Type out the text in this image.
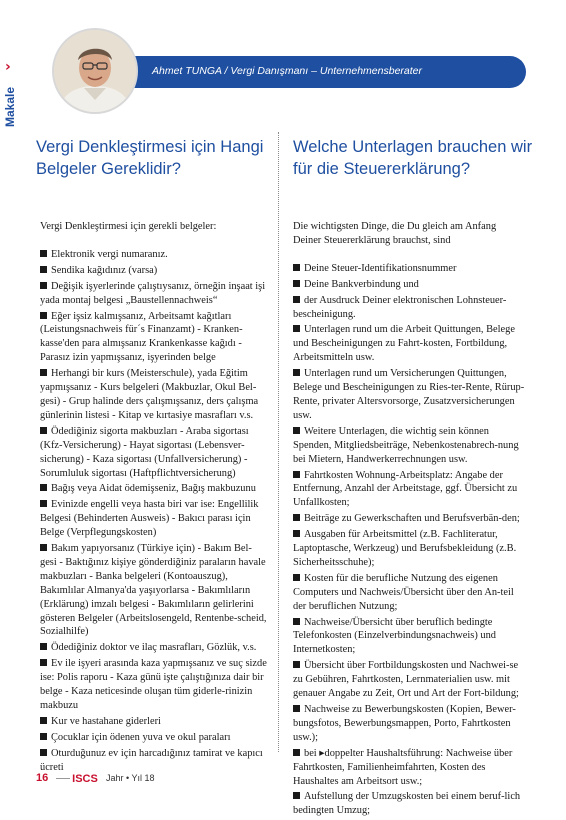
›
Makale
Ahmet TUNGA / Vergi Danışmanı – Unternehmensberater
Vergi Denkleştirmesi için Hangi Belgeler Gereklidir?
Welche Unterlagen brauchen wir für die Steuererklärung?

Vergi Denkleştirmesi için gerekli belgeler:

Elektronik vergi numaranız.
Sendika kağıdınız (varsa)
Değişik işyerlerinde çalıştıysanız, örneğin inşaat işi yada montaj belgesi „Baustellennachweis“
Eğer işsiz kalmışsanız, Arbeitsamt kağıtları (Leistungsnachweis für´s Finanzamt) - Kranken-kasse'den para almışsanız Krankenkasse kağıdı - Parasız izin yapmışsanız, işyerinden belge
Herhangi bir kurs (Meisterschule), yada Eğitim yapmışsanız - Kurs belgeleri (Makbuzlar, Okul Bel-gesi) - Grup halinde ders çalışmışsanız, ders çalışma günlerinin listesi - Kitap ve kırtasiye masrafları v.s.
Ödediğiniz sigorta makbuzları - Araba sigortası (Kfz-Versicherung) - Hayat sigortası (Lebensver-sicherung) - Kaza sigortası (Unfallversicherung) - Sorumluluk sigortası (Haftpflichtversicherung)
Bağış veya Aidat ödemişseniz, Bağış makbuzunu
Evinizde engelli veya hasta biri var ise: Engellilik Belgesi (Behinderten Ausweis) - Bakıcı parası için Belge (Verpflegungskosten)
Bakım yapıyorsanız (Türkiye için) - Bakım Bel-gesi - Baktığınız kişiye gönderdiğiniz paraların havale makbuzları - Banka belgeleri (Kontoauszug), Bakımlılar Almanya'da yaşıyorlarsa - Bakımlıların (Erklärung) imzalı belgesi - Bakımlıların gelirlerini gösteren Belgeler (Arbeitslosengeld, Rentenbe-scheid, Sozialhilfe)
Ödediğiniz doktor ve ilaç masrafları, Gözlük, v.s.
Ev ile işyeri arasında kaza yapmışsanız ve suç sizde ise: Polis raporu - Kaza günü işte çalıştığınıza dair bir belge - Kaza neticesinde oluşan tüm giderle-rinizin makbuzu
Kur ve hastahane giderleri
Çocuklar için ödenen yuva ve okul paraları
Oturduğunuz ev için harcadığınız tamirat ve kapıcı ücreti

Die wichtigsten Dinge, die Du gleich am Anfang Deiner Steuererklärung brauchst, sind

Deine Steuer-Identifikationsnummer
Deine Bankverbindung und
der Ausdruck Deiner elektronischen Lohnsteuer-bescheinigung.
Unterlagen rund um die Arbeit Quittungen, Belege und Bescheinigungen zu Fahrt-kosten, Fortbildung, Arbeitsmitteln usw.
Unterlagen rund um Versicherungen Quittungen, Belege und Bescheinigungen zu Ries-ter-Rente, Rürup-Rente, privater Altersvorsorge, Zusatzversicherungen usw.
Weitere Unterlagen, die wichtig sein können Spenden, Mitgliedsbeiträge, Nebenkostenabrech-nung bei Mietern, Handwerkerrechnungen usw.
Fahrtkosten Wohnung-Arbeitsplatz: Angabe der Entfernung, Anzahl der Arbeitstage, ggf. Übersicht zu Unfallkosten;
Beiträge zu Gewerkschaften und Berufsverbän-den;
Ausgaben für Arbeitsmittel (z.B. Fachliteratur, Laptoptasche, Werkzeug) und Berufsbekleidung (z.B. Sicherheitsschuhe);
Kosten für die berufliche Nutzung des eigenen Computers und Nachweis/Übersicht über den An-teil der beruflichen Nutzung;
Nachweise/Übersicht über beruflich bedingte Telefonkosten (Einzelverbindungsnachweis) und Internetkosten;
Übersicht über Fortbildungskosten und Nachwei-se zu Gebühren, Fahrtkosten, Lernmaterialien usw. mit genauer Angabe zu Zeit, Ort und Art der Fort-bildung;
Nachweise zu Bewerbungskosten (Kopien, Bewer-bungsfotos, Bewerbungsmappen, Porto, Fahrtkosten usw.);
bei ▸doppelter Haushaltsführung: Nachweise über Fahrtkosten, Familienheimfahrten, Kosten des Haushaltes am Arbeitsort usw.;
Aufstellung der Umzugskosten bei einem beruf-lich bedingten Umzug;
16 ISCS Jahr • Yıl 18
